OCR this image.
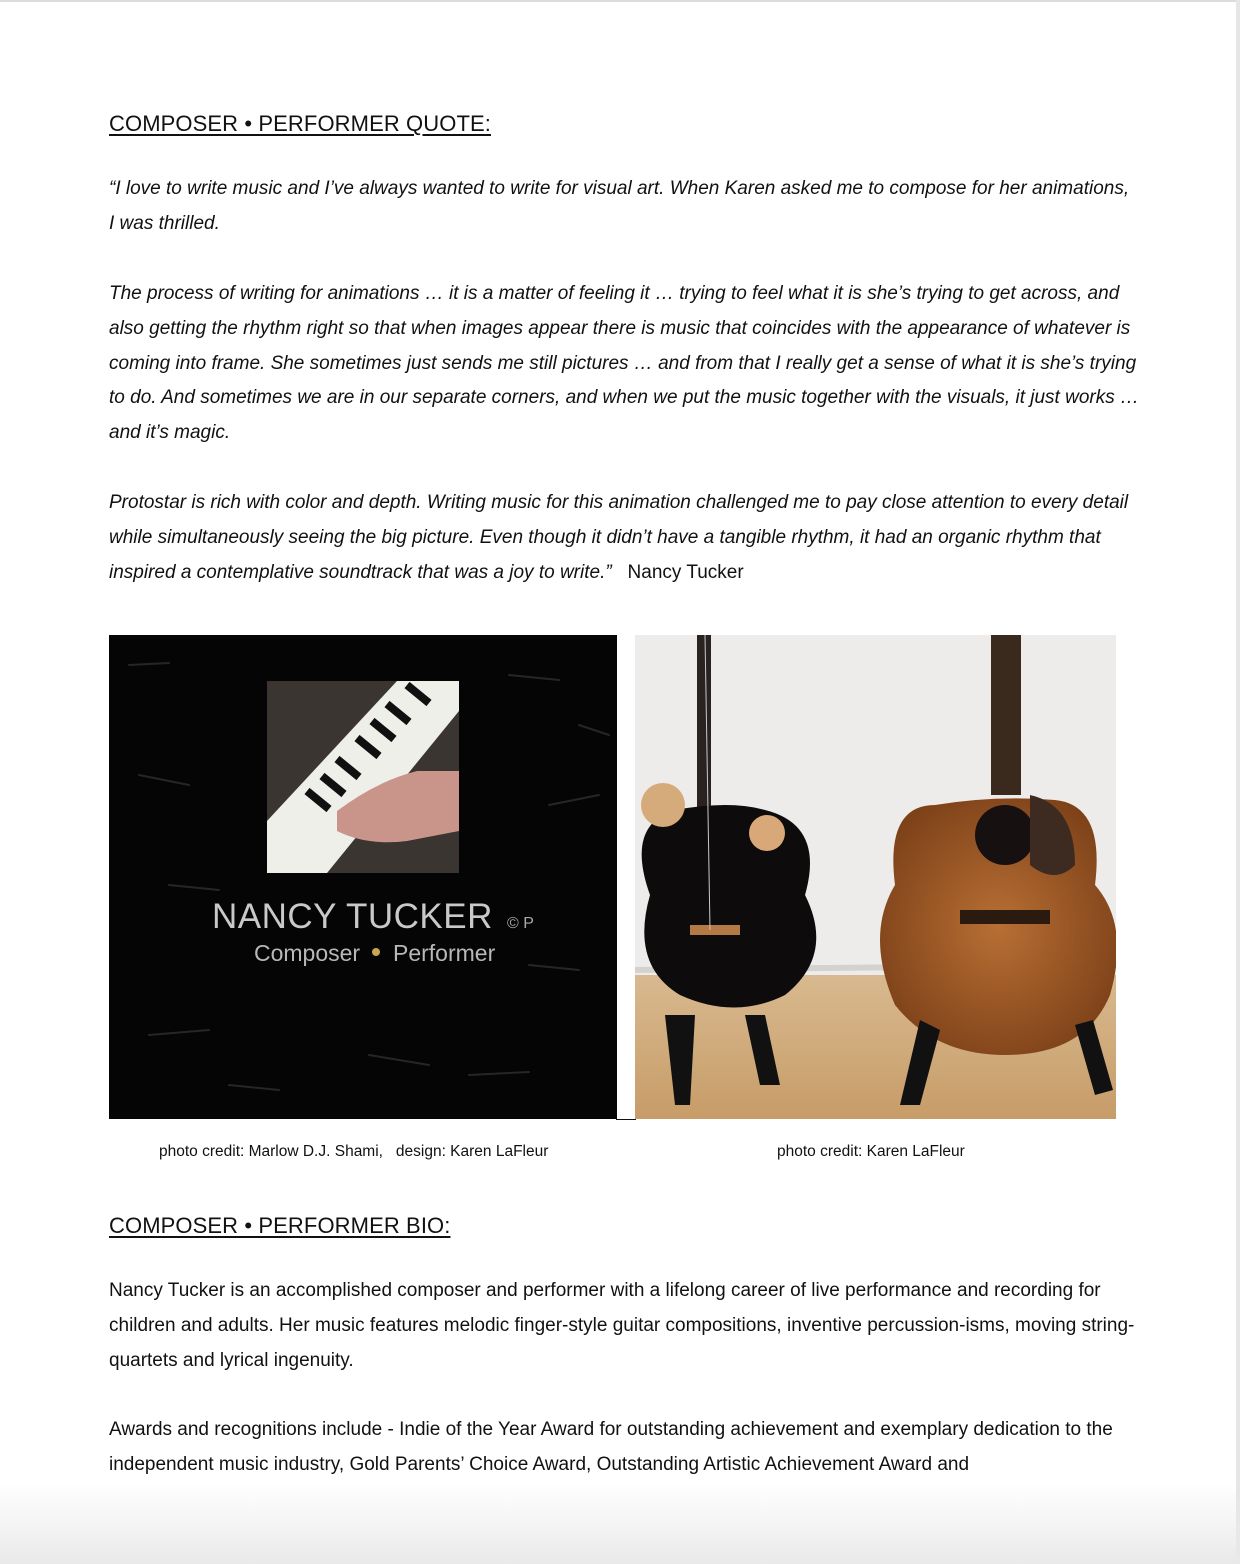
COMPOSER • PERFORMER QUOTE:

“I love to write music and I’ve always wanted to write for visual art. When Karen asked me to compose for her animations, I was thrilled.

The process of writing for animations … it is a matter of feeling it … trying to feel what it is she’s trying to get across, and also getting the rhythm right so that when images appear there is music that coincides with the appearance of whatever is coming into frame. She sometimes just sends me still pictures … and from that I really get a sense of what it is she’s trying to do. And sometimes we are in our separate corners, and when we put the music together with the visuals, it just works … and it’s magic.

Protostar is rich with color and depth. Writing music for this animation challenged me to pay close attention to every detail while simultaneously seeing the big picture. Even though it didn’t have a tangible rhythm, it had an organic rhythm that inspired a contemplative soundtrack that was a joy to write.” Nancy Tucker

NANCY TUCKER © P
Composer Performer

photo credit: Marlow D.J. Shami,   design: Karen LaFleur	photo credit: Karen LaFleur

COMPOSER • PERFORMER BIO:

Nancy Tucker is an accomplished composer and performer with a lifelong career of live performance and recording for children and adults. Her music features melodic finger-style guitar compositions, inventive percussion-isms, moving string-quartets and lyrical ingenuity.

Awards and recognitions include - Indie of the Year Award for outstanding achievement and exemplary dedication to the independent music industry, Gold Parents’ Choice Award, Outstanding Artistic Achievement Award and
